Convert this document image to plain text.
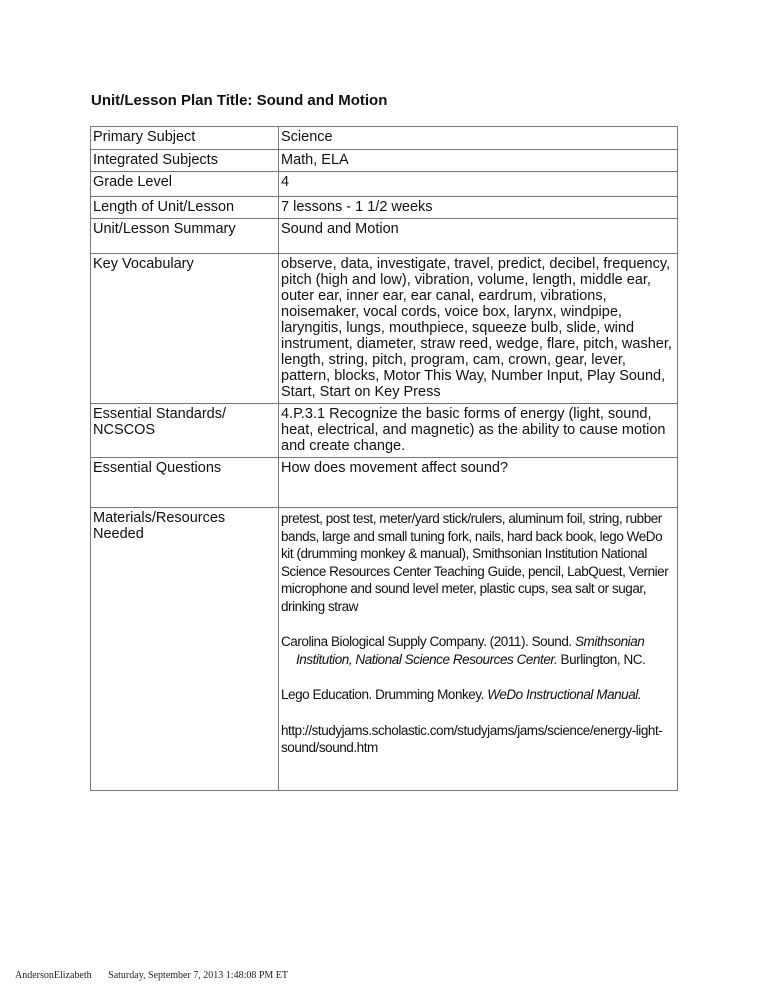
Unit/Lesson Plan Title: Sound and Motion
Primary Subject	Science
Integrated Subjects	Math, ELA
Grade Level	4
Length of Unit/Lesson	7 lessons - 1 1/2 weeks
Unit/Lesson Summary	Sound and Motion
Key Vocabulary	observe, data, investigate, travel, predict, decibel, frequency, pitch (high and low), vibration, volume, length, middle ear, outer ear, inner ear, ear canal, eardrum, vibrations, noisemaker, vocal cords, voice box, larynx, windpipe, laryngitis, lungs, mouthpiece, squeeze bulb, slide, wind instrument, diameter, straw reed, wedge, flare, pitch, washer, length, string, pitch, program, cam, crown, gear, lever, pattern, blocks, Motor This Way, Number Input, Play Sound, Start, Start on Key Press
Essential Standards/ NCSCOS	4.P.3.1 Recognize the basic forms of energy (light, sound, heat, electrical, and magnetic) as the ability to cause motion and create change.
Essential Questions	How does movement affect sound?
Materials/Resources Needed	pretest, post test, meter/yard stick/rulers, aluminum foil, string, rubber bands, large and small tuning fork, nails, hard back book, lego WeDo kit (drumming monkey & manual), Smithsonian Institution National Science Resources Center Teaching Guide, pencil, LabQuest, Vernier microphone and sound level meter, plastic cups, sea salt or sugar, drinking straw
Carolina Biological Supply Company. (2011). Sound. Smithsonian Institution, National Science Resources Center. Burlington, NC.
Lego Education. Drumming Monkey. WeDo Instructional Manual.
http://studyjams.scholastic.com/studyjams/jams/science/energy-light-sound/sound.htm
AndersonElizabeth Saturday, September 7, 2013 1:48:08 PM ET
